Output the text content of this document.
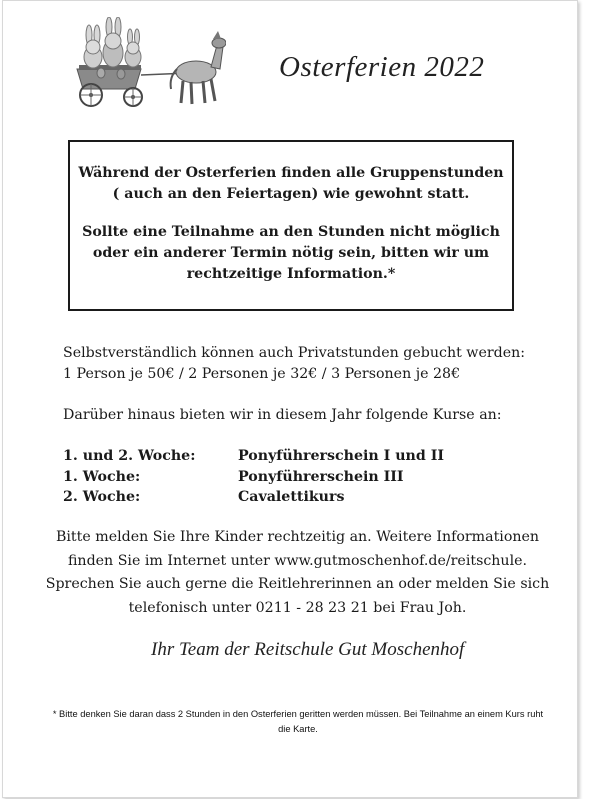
Osterferien 2022

Während der Osterferien finden alle Gruppenstunden ( auch an den Feiertagen) wie gewohnt statt.

Sollte eine Teilnahme an den Stunden nicht möglich oder ein anderer Termin nötig sein, bitten wir um rechtzeitige Information.*

Selbstverständlich können auch Privatstunden gebucht werden:
1 Person je 50€ / 2 Personen je 32€ / 3 Personen je 28€
Darüber hinaus bieten wir in diesem Jahr folgende Kurse an:
1. und 2. Woche:	Ponyführerschein I und II
1. Woche:	Ponyführerschein III
2. Woche:	Cavalettikurs
Bitte melden Sie Ihre Kinder rechtzeitig an. Weitere Informationen
finden Sie im Internet unter www.gutmoschenhof.de/reitschule.
Sprechen Sie auch gerne die Reitlehrerinnen an oder melden Sie sich
telefonisch unter 0211 - 28 23 21 bei Frau Joh.
Ihr Team der Reitschule Gut Moschenhof
* Bitte denken Sie daran dass 2 Stunden in den Osterferien geritten werden müssen. Bei Teilnahme an einem Kurs ruht die Karte.
